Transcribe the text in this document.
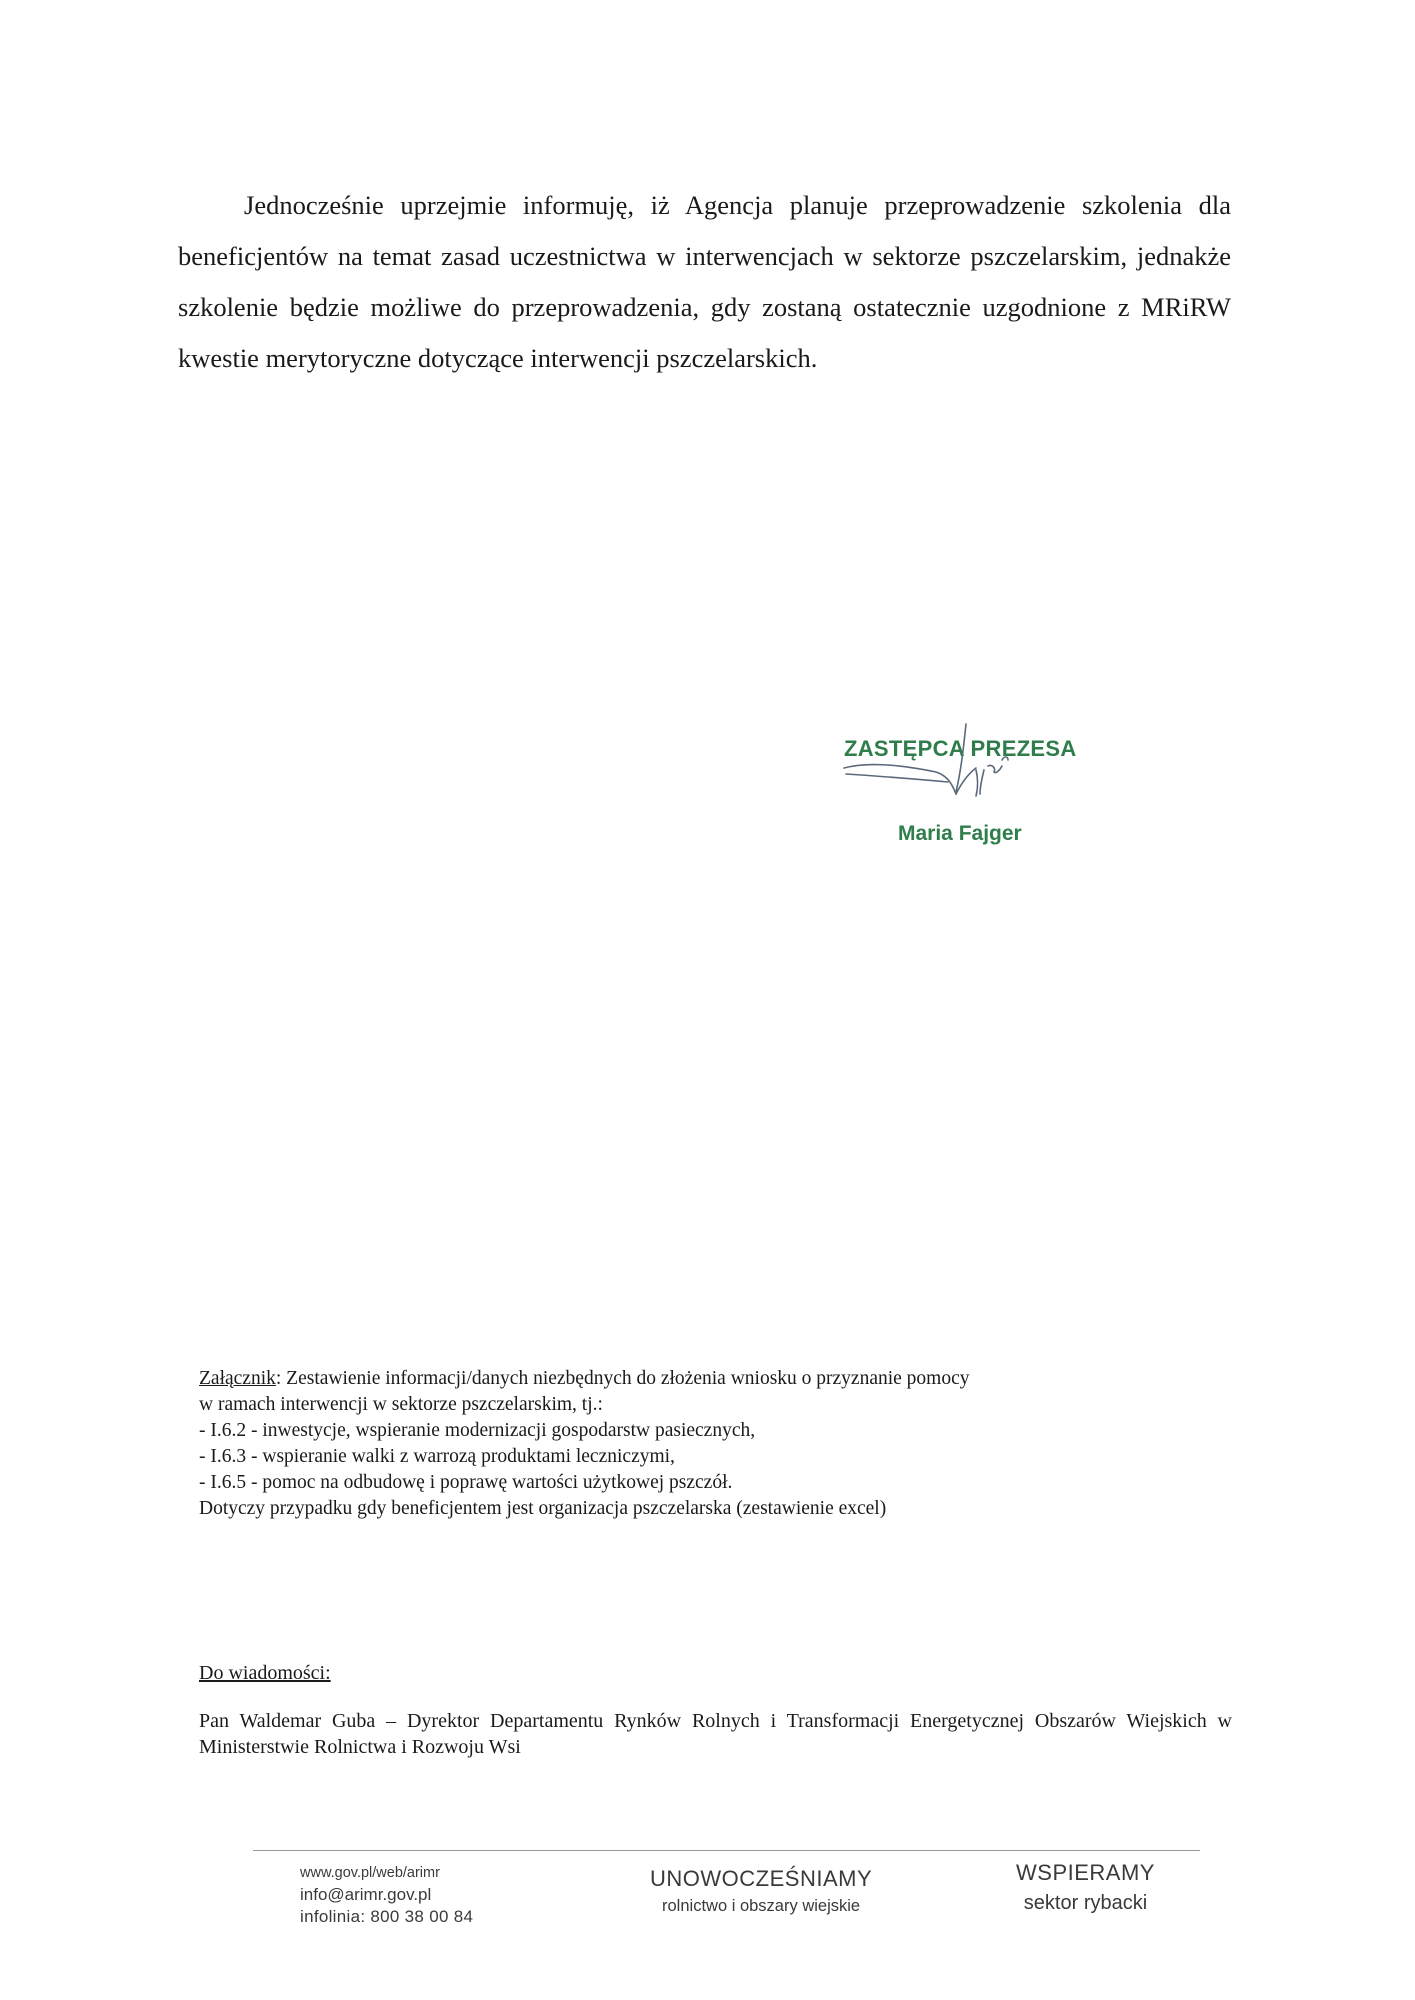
Jednocześnie uprzejmie informuję, iż Agencja planuje przeprowadzenie szkolenia dla beneficjentów na temat zasad uczestnictwa w interwencjach w sektorze pszczelarskim, jednakże szkolenie będzie możliwe do przeprowadzenia, gdy zostaną ostatecznie uzgodnione z MRiRW kwestie merytoryczne dotyczące interwencji pszczelarskich.

ZASTĘPCA PREZESA
Maria Fajger
Załącznik: Zestawienie informacji/danych niezbędnych do złożenia wniosku o przyznanie pomocy
w ramach interwencji w sektorze pszczelarskim, tj.:
- I.6.2 - inwestycje, wspieranie modernizacji gospodarstw pasiecznych,
- I.6.3 - wspieranie walki z warrozą produktami leczniczymi,
- I.6.5 - pomoc na odbudowę i poprawę wartości użytkowej pszczół.
Dotyczy przypadku gdy beneficjentem jest organizacja pszczelarska (zestawienie excel)

Do wiadomości:

Pan Waldemar Guba – Dyrektor Departamentu Rynków Rolnych i Transformacji Energetycznej Obszarów Wiejskich w Ministerstwie Rolnictwa i Rozwoju Wsi

www.gov.pl/web/arimr
info@arimr.gov.pl
infolinia: 800 38 00 84
UNOWOCZEŚNIAMY
rolnictwo i obszary wiejskie
WSPIERAMY
sektor rybacki
